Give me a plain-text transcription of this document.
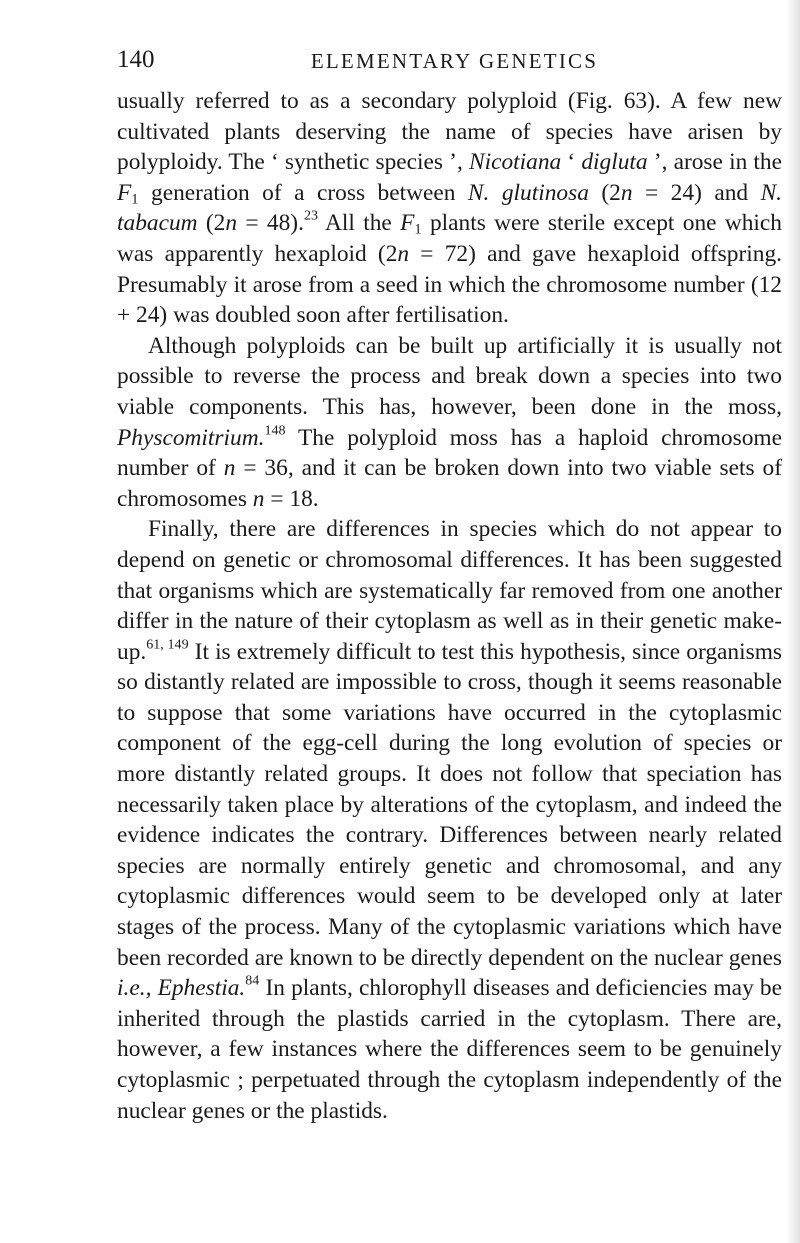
140	ELEMENTARY GENETICS

usually referred to as a secondary polyploid (Fig. 63). A few new cultivated plants deserving the name of species have arisen by polyploidy. The ‘ synthetic species ’, Nicotiana ‘ digluta ’, arose in the $F_1$ generation of a cross between N. glutinosa (2n = 24) and N. tabacum (2n = 48).$^{23}$ All the $F_1$ plants were sterile except one which was apparently hexaploid (2n = 72) and gave hexaploid offspring. Presumably it arose from a seed in which the chromosome number (12 + 24) was doubled soon after fertilisation.

Although polyploids can be built up artificially it is usually not possible to reverse the process and break down a species into two viable components. This has, however, been done in the moss, Physcomitrium.$^{148}$ The polyploid moss has a haploid chromosome number of n = 36, and it can be broken down into two viable sets of chromosomes n = 18.

Finally, there are differences in species which do not appear to depend on genetic or chromosomal differences. It has been suggested that organisms which are systematically far removed from one another differ in the nature of their cytoplasm as well as in their genetic make-up.$^{61, 149}$ It is extremely difficult to test this hypothesis, since organisms so distantly related are impossible to cross, though it seems reasonable to suppose that some variations have occurred in the cytoplasmic component of the egg-cell during the long evolution of species or more distantly related groups. It does not follow that speciation has necessarily taken place by alterations of the cytoplasm, and indeed the evidence indicates the contrary. Differences between nearly related species are normally entirely genetic and chromosomal, and any cytoplasmic differences would seem to be developed only at later stages of the process. Many of the cytoplasmic variations which have been recorded are known to be directly dependent on the nuclear genes i.e., Ephestia.$^{84}$ In plants, chlorophyll diseases and deficiencies may be inherited through the plastids carried in the cytoplasm. There are, however, a few instances where the differences seem to be genuinely cytoplasmic ; perpetuated through the cytoplasm independently of the nuclear genes or the plastids.
